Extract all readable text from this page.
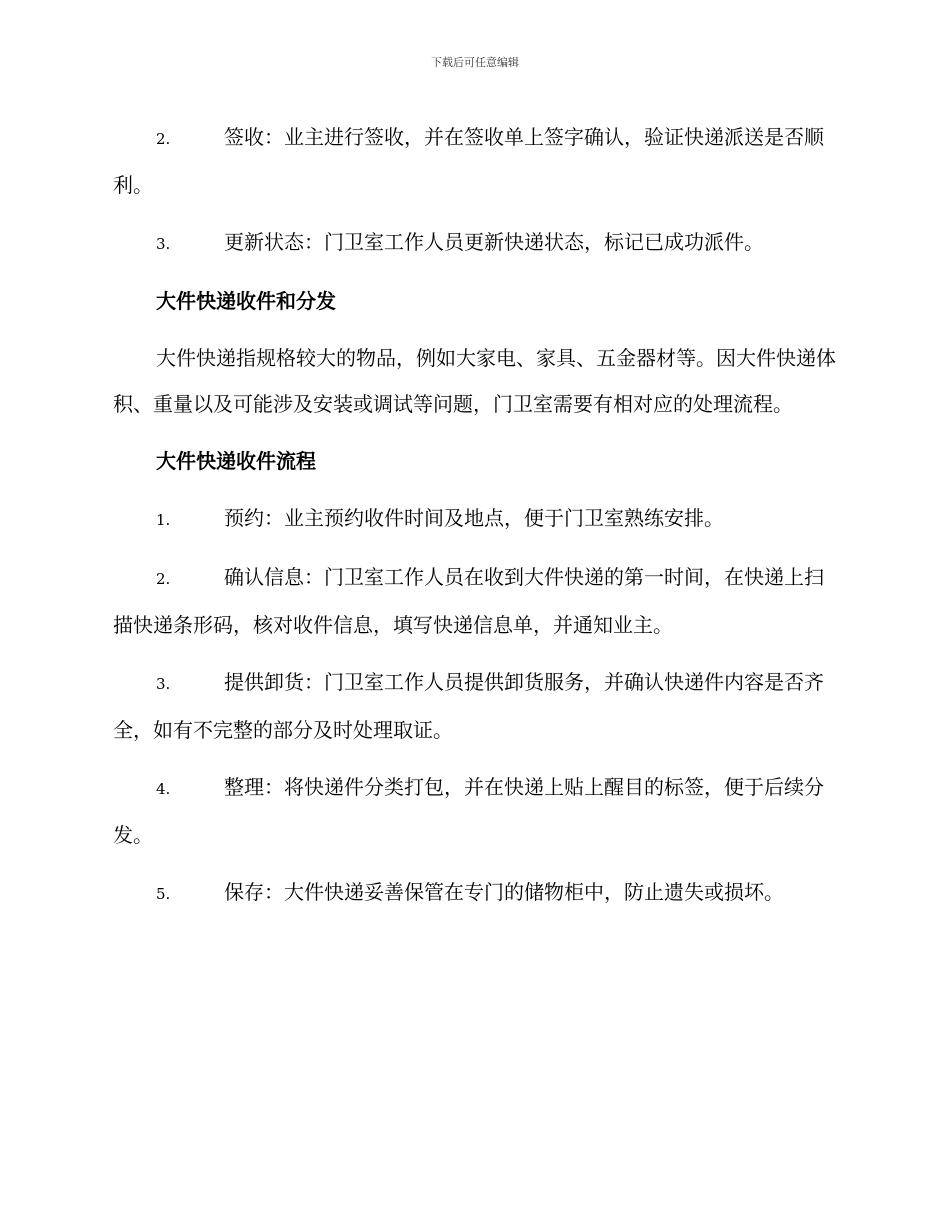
下载后可任意编辑
2.	签收：业主进行签收，并在签收单上签字确认，验证快递派送是否顺利。
3.	更新状态：门卫室工作人员更新快递状态，标记已成功派件。
大件快递收件和分发
大件快递指规格较大的物品，例如大家电、家具、五金器材等。因大件快递体积、重量以及可能涉及安装或调试等问题，门卫室需要有相对应的处理流程。
大件快递收件流程
1.	预约：业主预约收件时间及地点，便于门卫室熟练安排。
2.	确认信息：门卫室工作人员在收到大件快递的第一时间，在快递上扫描快递条形码，核对收件信息，填写快递信息单，并通知业主。
3.	提供卸货：门卫室工作人员提供卸货服务，并确认快递件内容是否齐全，如有不完整的部分及时处理取证。
4.	整理：将快递件分类打包，并在快递上贴上醒目的标签，便于后续分发。
5.	保存：大件快递妥善保管在专门的储物柜中，防止遗失或损坏。
